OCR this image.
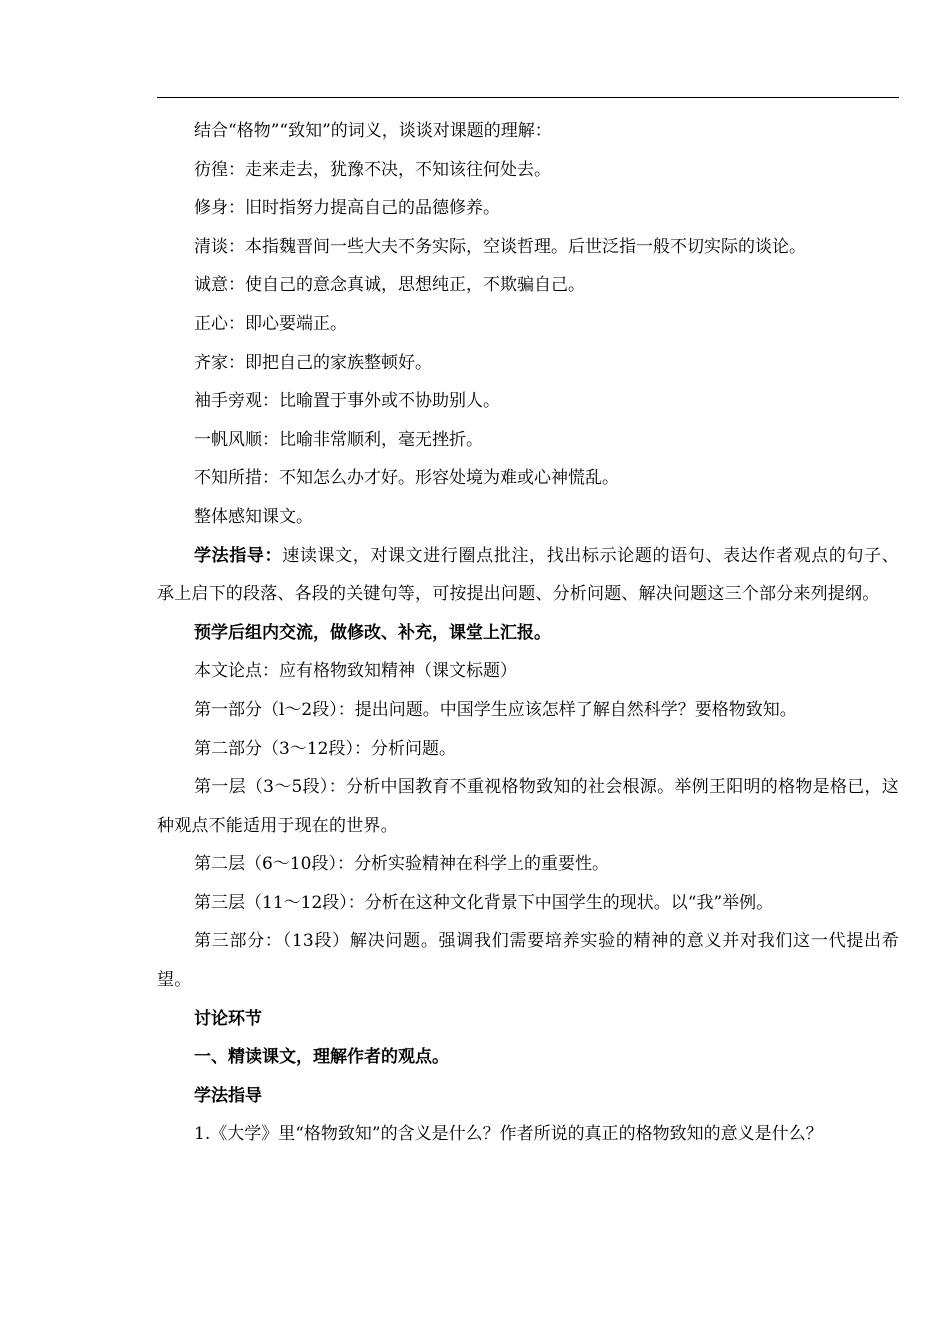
结合“格物”“致知”的词义，谈谈对课题的理解：

彷徨：走来走去，犹豫不决，不知该往何处去。

修身：旧时指努力提高自己的品德修养。

清谈：本指魏晋间一些大夫不务实际，空谈哲理。后世泛指一般不切实际的谈论。

诚意：使自己的意念真诚，思想纯正，不欺骗自己。

正心：即心要端正。

齐家：即把自己的家族整顿好。

袖手旁观：比喻置于事外或不协助别人。

一帆风顺：比喻非常顺利，毫无挫折。

不知所措：不知怎么办才好。形容处境为难或心神慌乱。

整体感知课文。

学法指导：速读课文，对课文进行圈点批注，找出标示论题的语句、表达作者观点的句子、承上启下的段落、各段的关键句等，可按提出问题、分析问题、解决问题这三个部分来列提纲。

预学后组内交流，做修改、补充，课堂上汇报。

本文论点：应有格物致知精神（课文标题）

第一部分（l～2段）：提出问题。中国学生应该怎样了解自然科学？要格物致知。

第二部分（3～12段）：分析问题。

第一层（3～5段）：分析中国教育不重视格物致知的社会根源。举例王阳明的格物是格已，这种观点不能适用于现在的世界。

第二层（6～10段）：分析实验精神在科学上的重要性。

第三层（11～12段）：分析在这种文化背景下中国学生的现状。以“我”举例。

第三部分：（13段）解决问题。强调我们需要培养实验的精神的意义并对我们这一代提出希望。

讨论环节

一、精读课文，理解作者的观点。

学法指导

1.《大学》里“格物致知”的含义是什么？作者所说的真正的格物致知的意义是什么？
